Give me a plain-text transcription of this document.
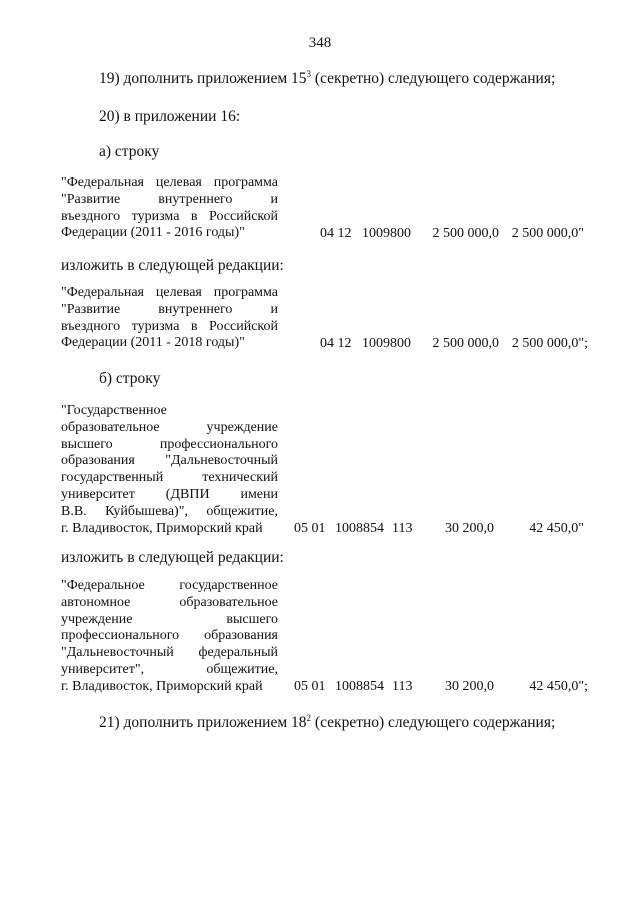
348
19) дополнить приложением $15^3$ (секретно) следующего содержания;
20) в приложении 16:
а) строку
"Федеральная целевая программа
"Развитие внутреннего и
въездного туризма в Российской
Федерации (2011 - 2016 годы)"	04 12 1009800	2 500 000,0 2 500 000,0"
изложить в следующей редакции:
"Федеральная целевая программа
"Развитие внутреннего и
въездного туризма в Российской
Федерации (2011 - 2018 годы)"	04 12 1009800	2 500 000,0 2 500 000,0";
б) строку
"Государственное
образовательное учреждение
высшего профессионального
образования "Дальневосточный
государственный технический
университет (ДВПИ имени
В.В. Куйбышева)", общежитие,
г. Владивосток, Приморский край	05 01 1008854 113	30 200,0	42 450,0"
изложить в следующей редакции:
"Федеральное государственное
автономное образовательное
учреждение высшего
профессионального образования
"Дальневосточный федеральный
университет", общежитие,
г. Владивосток, Приморский край	05 01 1008854 113	30 200,0	42 450,0";
21) дополнить приложением $18^2$ (секретно) следующего содержания;
